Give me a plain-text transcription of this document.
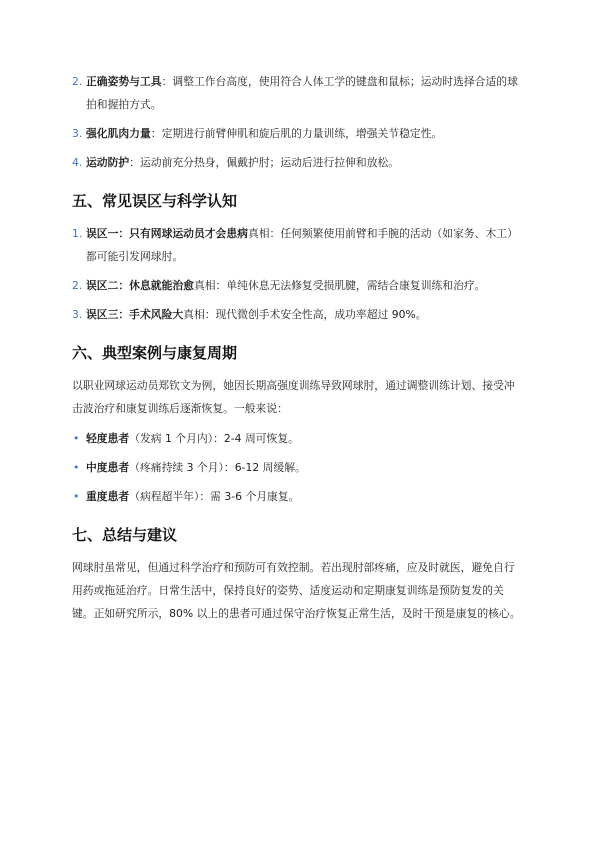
2. 正确姿势与工具：调整工作台高度，使用符合人体工学的键盘和鼠标；运动时选择合适的球拍和握拍方式。
3. 强化肌肉力量：定期进行前臂伸肌和旋后肌的力量训练，增强关节稳定性。
4. 运动防护：运动前充分热身，佩戴护肘；运动后进行拉伸和放松。
五、常见误区与科学认知
1. 误区一：只有网球运动员才会患病真相：任何频繁使用前臂和手腕的活动（如家务、木工）都可能引发网球肘。
2. 误区二：休息就能治愈真相：单纯休息无法修复受损肌腱，需结合康复训练和治疗。
3. 误区三：手术风险大真相：现代微创手术安全性高，成功率超过 90%。
六、典型案例与康复周期

以职业网球运动员郑钦文为例，她因长期高强度训练导致网球肘，通过调整训练计划、接受冲击波治疗和康复训练后逐渐恢复。一般来说：

• 轻度患者（发病 1 个月内）：2-4 周可恢复。
• 中度患者（疼痛持续 3 个月）：6-12 周缓解。
• 重度患者（病程超半年）：需 3-6 个月康复。
七、总结与建议

网球肘虽常见，但通过科学治疗和预防可有效控制。若出现肘部疼痛，应及时就医，避免自行用药或拖延治疗。日常生活中，保持良好的姿势、适度运动和定期康复训练是预防复发的关键。正如研究所示，80% 以上的患者可通过保守治疗恢复正常生活，及时干预是康复的核心。
